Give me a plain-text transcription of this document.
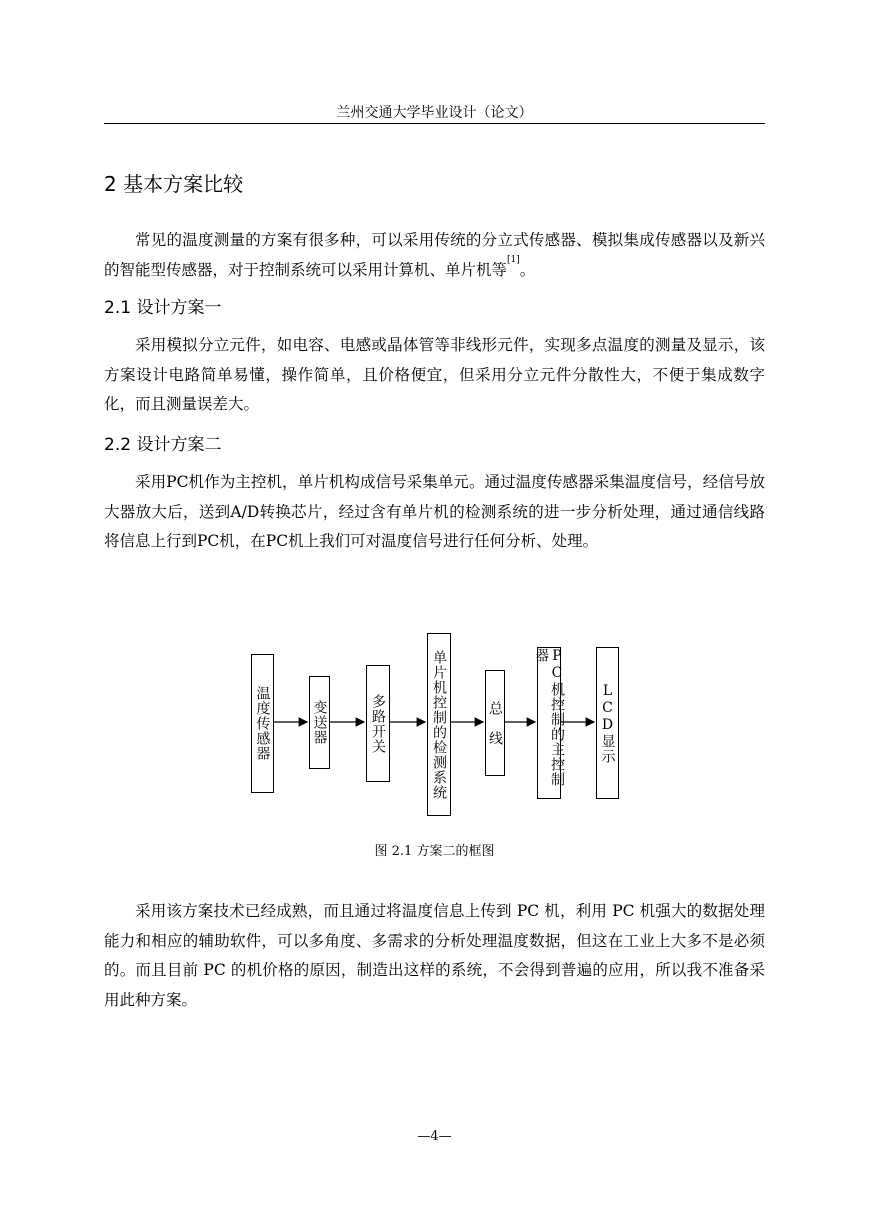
兰州交通大学毕业设计（论文）
2 基本方案比较

常见的温度测量的方案有很多种，可以采用传统的分立式传感器、模拟集成传感器以及新兴的智能型传感器，对于控制系统可以采用计算机、单片机等[1]。

2.1 设计方案一

采用模拟分立元件，如电容、电感或晶体管等非线形元件，实现多点温度的测量及显示，该方案设计电路简单易懂，操作简单，且价格便宜，但采用分立元件分散性大，不便于集成数字化，而且测量误差大。

2.2 设计方案二

采用PC机作为主控机，单片机构成信号采集单元。通过温度传感器采集温度信号，经信号放大器放大后，送到A/D转换芯片，经过含有单片机的检测系统的进一步分析处理，通过通信线路将信息上行到PC机，在PC机上我们可对温度信号进行任何分析、处理。

温度传感器	变送器	多路开关	单片机控制的检测系统	总　线	PC机控制的主控制器
LCD显示
图 2.1 方案二的框图

采用该方案技术已经成熟，而且通过将温度信息上传到 PC 机，利用 PC 机强大的数据处理能力和相应的辅助软件，可以多角度、多需求的分析处理温度数据，但这在工业上大多不是必须的。而且目前 PC 的机价格的原因，制造出这样的系统，不会得到普遍的应用，所以我不准备采用此种方案。

—4—
